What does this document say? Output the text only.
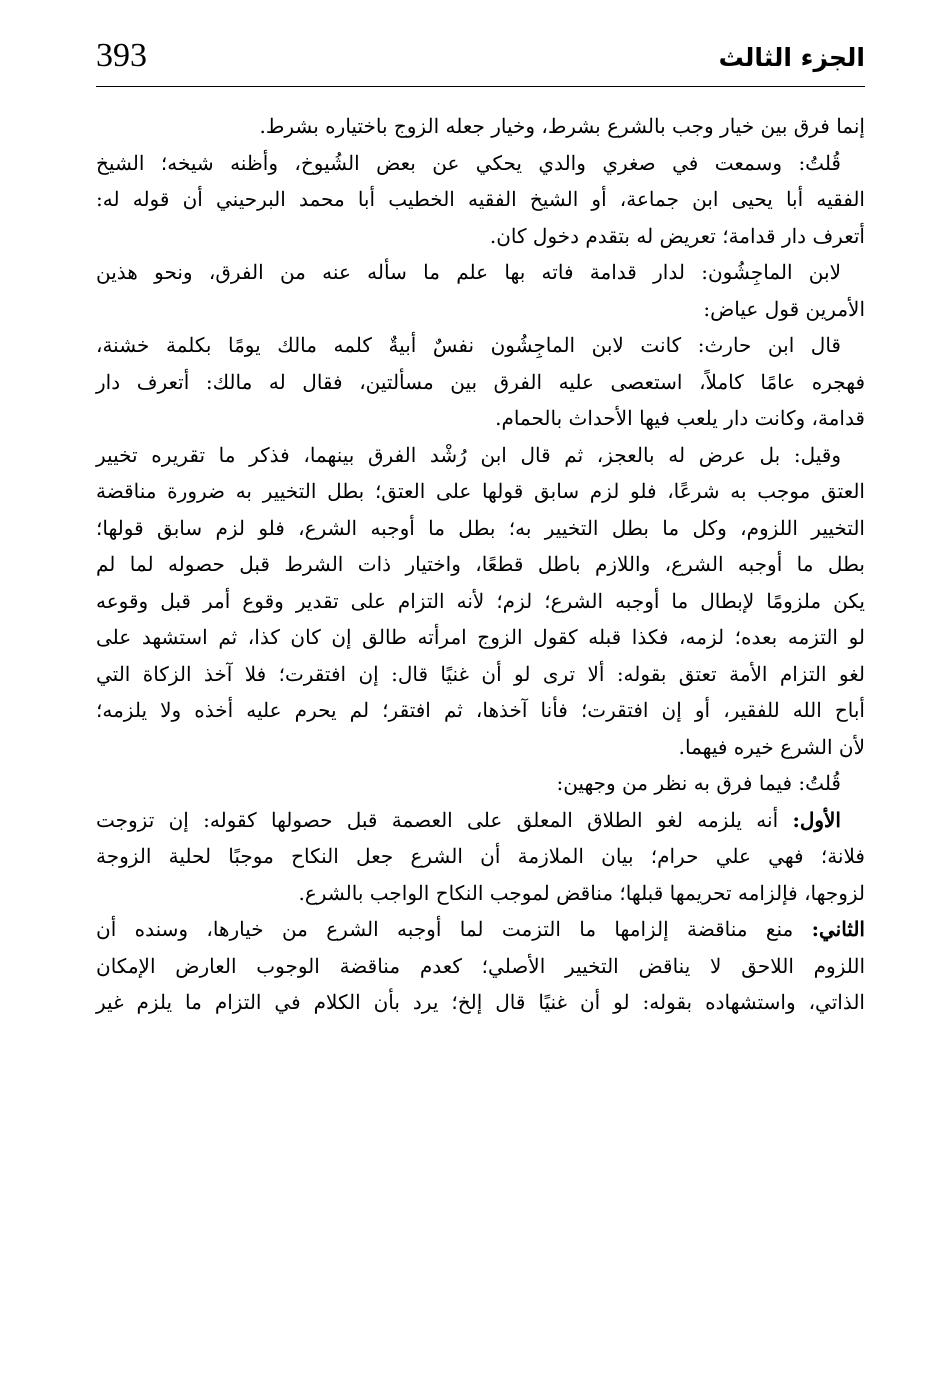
393	الجزء الثالث
إنما فرق بين خيار وجب بالشرع بشرط، وخيار جعله الزوج باختياره بشرط.
قُلتُ: وسمعت في صغري والدي يحكي عن بعض الشُيوخ، وأظنه شيخه؛ الشيخ
الفقيه أبا يحيى ابن جماعة، أو الشيخ الفقيه الخطيب أبا محمد البرحيني أن قوله له:
أتعرف دار قدامة؛ تعريض له بتقدم دخول كان.
لابن الماجِشُون: لدار قدامة فاته بها علم ما سأله عنه من الفرق، ونحو هذين
الأمرين قول عياض:
قال ابن حارث: كانت لابن الماجِشُون نفسٌ أبيةٌ كلمه مالك يومًا بكلمة خشنة،
فهجره عامًا كاملاً، استعصى عليه الفرق بين مسألتين، فقال له مالك: أتعرف دار
قدامة، وكانت دار يلعب فيها الأحداث بالحمام.
وقيل: بل عرض له بالعجز، ثم قال ابن رُشْد الفرق بينهما، فذكر ما تقريره تخيير
العتق موجب به شرعًا، فلو لزم سابق قولها على العتق؛ بطل التخيير به ضرورة مناقضة
التخيير اللزوم، وكل ما بطل التخيير به؛ بطل ما أوجبه الشرع، فلو لزم سابق قولها؛
بطل ما أوجبه الشرع، واللازم باطل قطعًا، واختيار ذات الشرط قبل حصوله لما لم
يكن ملزومًا لإبطال ما أوجبه الشرع؛ لزم؛ لأنه التزام على تقدير وقوع أمر قبل وقوعه
لو التزمه بعده؛ لزمه، فكذا قبله كقول الزوج امرأته طالق إن كان كذا، ثم استشهد على
لغو التزام الأمة تعتق بقوله: ألا ترى لو أن غنيًا قال: إن افتقرت؛ فلا آخذ الزكاة التي
أباح الله للفقير، أو إن افتقرت؛ فأنا آخذها، ثم افتقر؛ لم يحرم عليه أخذه ولا يلزمه؛
لأن الشرع خيره فيهما.
قُلتُ: فيما فرق به نظر من وجهين:
الأول: أنه يلزمه لغو الطلاق المعلق على العصمة قبل حصولها كقوله: إن تزوجت
فلانة؛ فهي علي حرام؛ بيان الملازمة أن الشرع جعل النكاح موجبًا لحلية الزوجة
لزوجها، فإلزامه تحريمها قبلها؛ مناقض لموجب النكاح الواجب بالشرع.
الثاني: منع مناقضة إلزامها ما التزمت لما أوجبه الشرع من خيارها، وسنده أن
اللزوم اللاحق لا يناقض التخيير الأصلي؛ كعدم مناقضة الوجوب العارض الإمكان
الذاتي، واستشهاده بقوله: لو أن غنيًا قال إلخ؛ يرد بأن الكلام في التزام ما يلزم غير
